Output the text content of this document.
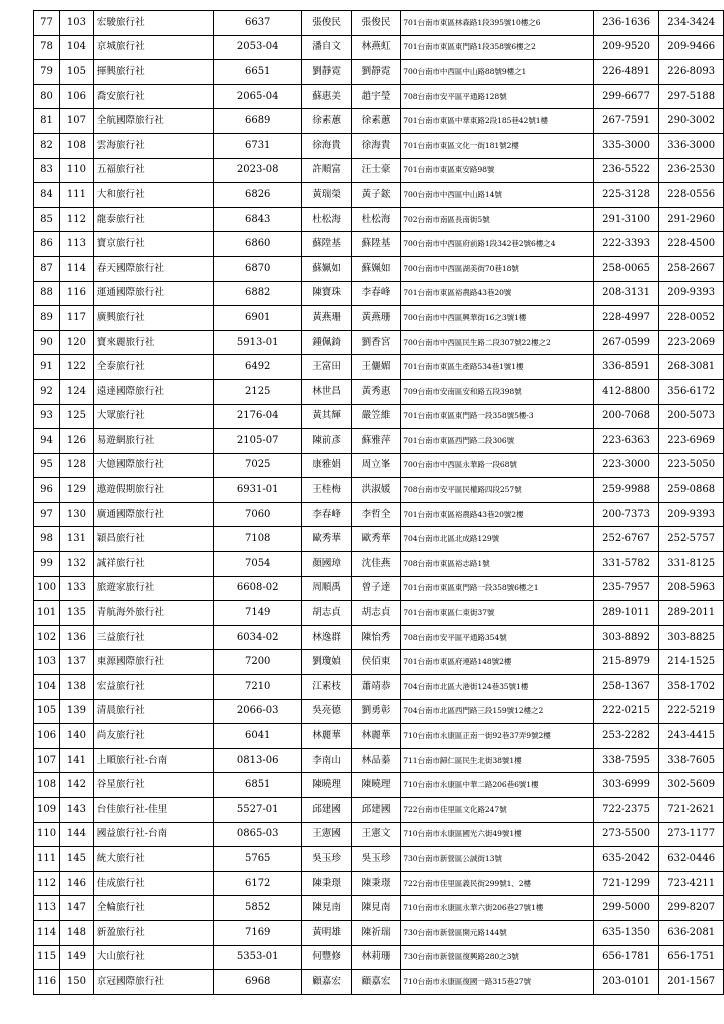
77	103	宏駿旅行社	6637	張俊民	張俊民	701台南市東區林森路1段395號10樓之6	236-1636	234-3424
78	104	京城旅行社	2053-04	潘自文	林燕虹	701台南市東區東門路1段358號6樓之2	209-9520	209-9466
79	105	揮興旅行社	6651	劉靜霓	劉靜霓	700台南市中西區中山路88號9樓之1	226-4891	226-8093
80	106	喬安旅行社	2065-04	蘇惠美	趙宇瑩	708台南市安平區平通路128號	299-6677	297-5188
81	107	全航國際旅行社	6689	徐素蕙	徐素蕙	701台南市東區中華東路2段185巷42號1樓	267-7591	290-3002
82	108	雲海旅行社	6731	徐海貴	徐海貴	701台南市東區文化一街181號2樓	335-3000	336-3000
83	110	五福旅行社	2023-08	許順富	汪士豪	701台南市東區東安路98號	236-5522	236-2530
84	111	大和旅行社	6826	黃瑞榮	黃子鋐	700台南市中西區中山路14號	225-3128	228-0556
85	112	龍泰旅行社	6843	杜松海	杜松海	702台南市南區長南街5號	291-3100	291-2960
86	113	寶京旅行社	6860	蘇陞基	蘇陞基	700台南市中西區府前路1段342巷2號6樓之4	222-3393	228-4500
87	114	春天國際旅行社	6870	蘇姵如	蘇姵如	700台南市中西區湖美街70巷18號	258-0065	258-2667
88	116	運通國際旅行社	6882	陳寶珠	李春峰	701台南市東區裕農路43巷20號	208-3131	209-9393
89	117	廣興旅行社	6901	黃燕珊	黃燕珊	700台南市中西區興華街16之3號1樓	228-4997	228-0052
90	120	寶來麗旅行社	5913-01	鍾佩錡	劉香宮	700台南市中西區民生路二段307號22樓之2	267-0599	223-2069
91	122	全泰旅行社	6492	王富田	王儷媚	701台南市東區生產路534巷1號1樓	336-8591	268-3081
92	124	遠達國際旅行社	2125	林世昌	黃秀惠	709台南市安南區安和路五段398號	412-8800	356-6172
93	125	大眾旅行社	2176-04	黃其輝	嚴笠維	701台南市東區東門路一段358號5樓-3	200-7068	200-5073
94	126	易遊網旅行社	2105-07	陳前彥	蘇雅萍	701台南市東區西門路二段306號	223-6363	223-6969
95	128	大億國際旅行社	7025	康雅娟	周立峯	700台南市中西區永華路一段68號	223-3000	223-5050
96	129	遨遊假期旅行社	6931-01	王桂梅	洪淑媛	708台南市安平區民權路四段257號	259-9988	259-0868
97	130	廣通國際旅行社	7060	李春峰	李哲全	701台南市東區裕農路43巷20號2樓	200-7373	209-9393
98	131	穎昌旅行社	7108	歐秀華	歐秀華	704台南市北區北成路129號	252-6767	252-5757
99	132	誠祥旅行社	7054	顏國璋	沈佳燕	708台南市東區裕志路1號	331-5782	331-8125
100	133	旅遊家旅行社	6608-02	周順禹	曾子達	701台南市東區東門路一段358號6樓之1	235-7957	208-5963
101	135	青航海外旅行社	7149	胡志貞	胡志貞	701台南市東區仁東街37號	289-1011	289-2011
102	136	三益旅行社	6034-02	林逸群	陳怡秀	708台南市安平區平通路354號	303-8892	303-8825
103	137	東源國際旅行社	7200	劉瓊媜	侯佰東	701台南市東區府連路148號2樓	215-8979	214-1525
104	138	宏益旅行社	7210	江素枝	蕭靖恭	704台南市北區大港街124巷35號1樓	258-1367	358-1702
105	139	清晨旅行社	2066-03	吳亮德	劉勇彰	704台南市北區西門路三段159號12樓之2	222-0215	222-5219
106	140	尚友旅行社	6041	林麗華	林麗華	710台南市永康區正南一街92巷37弄9號2樓	253-2282	243-4415
107	141	上順旅行社-台南	0813-06	李南山	林品蓁	711台南市歸仁區民生北街38號1樓	338-7595	338-7605
108	142	谷星旅行社	6851	陳曉理	陳曉理	710台南市永康區中華二路206巷6號1樓	303-6999	302-5609
109	143	台佳旅行社-佳里	5527-01	邱建國	邱建國	722台南市佳里區文化路247號	722-2375	721-2621
110	144	國益旅行社-台南	0865-03	王憲國	王憲文	710台南市永康區國光六街49號1樓	273-5500	273-1177
111	145	統大旅行社	5765	吳玉珍	吳玉珍	730台南市新營區公誠街13號	635-2042	632-0446
112	146	佳成旅行社	6172	陳秉璟	陳秉璟	722台南市佳里區義民街299號1、2樓	721-1299	723-4211
113	147	全輪旅行社	5852	陳見南	陳見南	710台南市永康區永華六街206巷27號1樓	299-5000	299-8207
114	148	新盈旅行社	7169	黃明雄	陳祈瑞	730台南市新營區開元路144號	635-1350	636-2081
115	149	大山旅行社	5353-01	何豐修	林莉珊	730台南市新營區復興路280之3號	656-1781	656-1751
116	150	京冠國際旅行社	6968	顧嘉宏	顧嘉宏	710台南市永康區復國一路315巷27號	203-0101	201-1567
